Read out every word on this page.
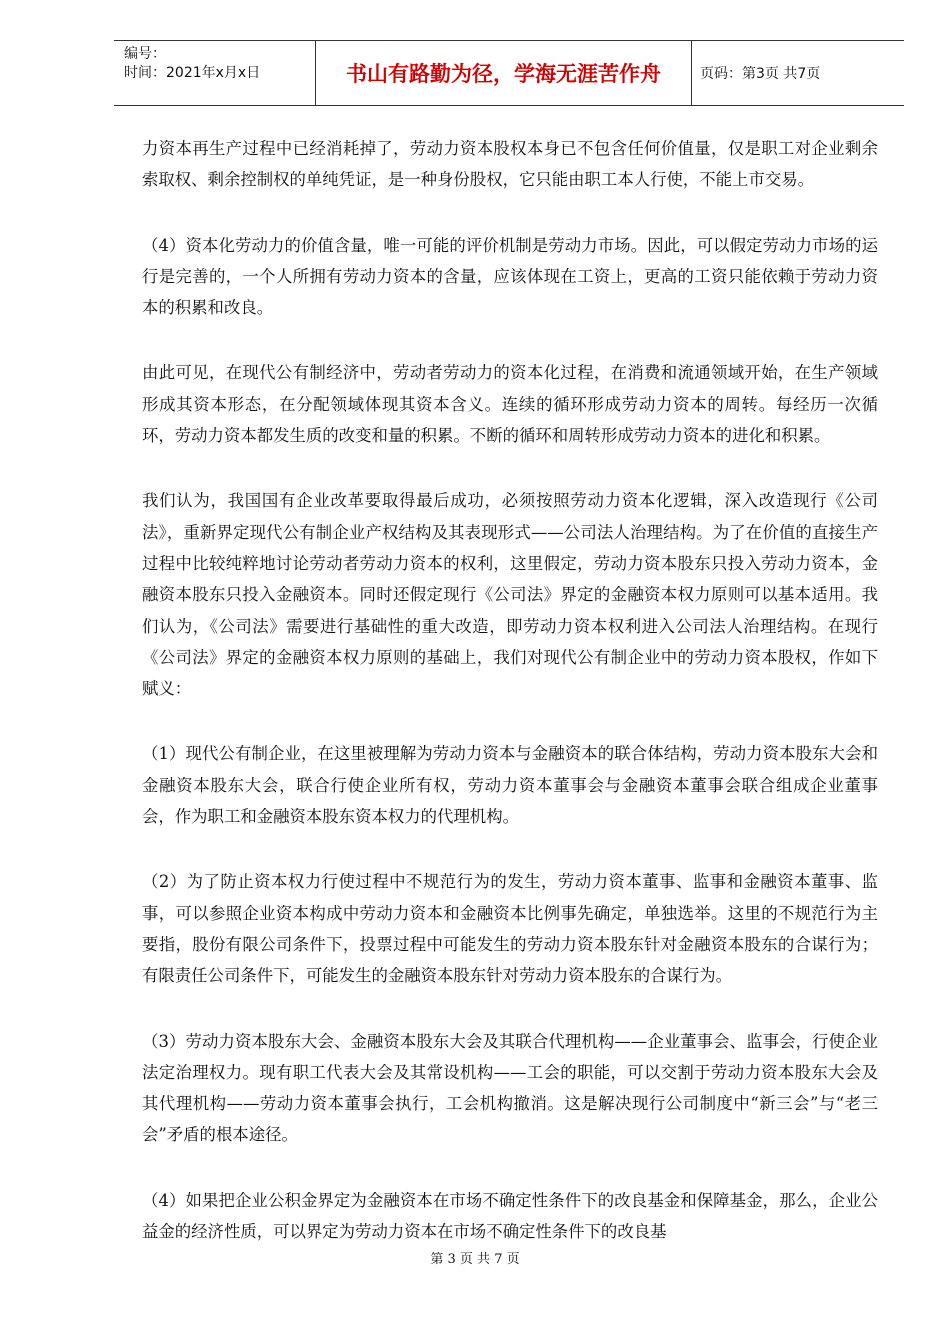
编号：
时间：2021年x月x日	书山有路勤为径，学海无涯苦作舟	页码：第3页 共7页

力资本再生产过程中已经消耗掉了，劳动力资本股权本身已不包含任何价值量，仅是职工对企业剩余索取权、剩余控制权的单纯凭证，是一种身份股权，它只能由职工本人行使，不能上市交易。

（4）资本化劳动力的价值含量，唯一可能的评价机制是劳动力市场。因此，可以假定劳动力市场的运行是完善的，一个人所拥有劳动力资本的含量，应该体现在工资上，更高的工资只能依赖于劳动力资本的积累和改良。

由此可见，在现代公有制经济中，劳动者劳动力的资本化过程，在消费和流通领域开始，在生产领域形成其资本形态，在分配领域体现其资本含义。连续的循环形成劳动力资本的周转。每经历一次循环，劳动力资本都发生质的改变和量的积累。不断的循环和周转形成劳动力资本的进化和积累。

我们认为，我国国有企业改革要取得最后成功，必须按照劳动力资本化逻辑，深入改造现行《公司法》，重新界定现代公有制企业产权结构及其表现形式——公司法人治理结构。为了在价值的直接生产过程中比较纯粹地讨论劳动者劳动力资本的权利，这里假定，劳动力资本股东只投入劳动力资本，金融资本股东只投入金融资本。同时还假定现行《公司法》界定的金融资本权力原则可以基本适用。我们认为，《公司法》需要进行基础性的重大改造，即劳动力资本权利进入公司法人治理结构。在现行《公司法》界定的金融资本权力原则的基础上，我们对现代公有制企业中的劳动力资本股权，作如下赋义：

（1）现代公有制企业，在这里被理解为劳动力资本与金融资本的联合体结构，劳动力资本股东大会和金融资本股东大会，联合行使企业所有权，劳动力资本董事会与金融资本董事会联合组成企业董事会，作为职工和金融资本股东资本权力的代理机构。

（2）为了防止资本权力行使过程中不规范行为的发生，劳动力资本董事、监事和金融资本董事、监事，可以参照企业资本构成中劳动力资本和金融资本比例事先确定，单独选举。这里的不规范行为主要指，股份有限公司条件下，投票过程中可能发生的劳动力资本股东针对金融资本股东的合谋行为；有限责任公司条件下，可能发生的金融资本股东针对劳动力资本股东的合谋行为。

（3）劳动力资本股东大会、金融资本股东大会及其联合代理机构——企业董事会、监事会，行使企业法定治理权力。现有职工代表大会及其常设机构——工会的职能，可以交割于劳动力资本股东大会及其代理机构——劳动力资本董事会执行，工会机构撤消。这是解决现行公司制度中“新三会”与“老三会”矛盾的根本途径。

（4）如果把企业公积金界定为金融资本在市场不确定性条件下的改良基金和保障基金，那么，企业公益金的经济性质，可以界定为劳动力资本在市场不确定性条件下的改良基

第 3 页 共 7 页
